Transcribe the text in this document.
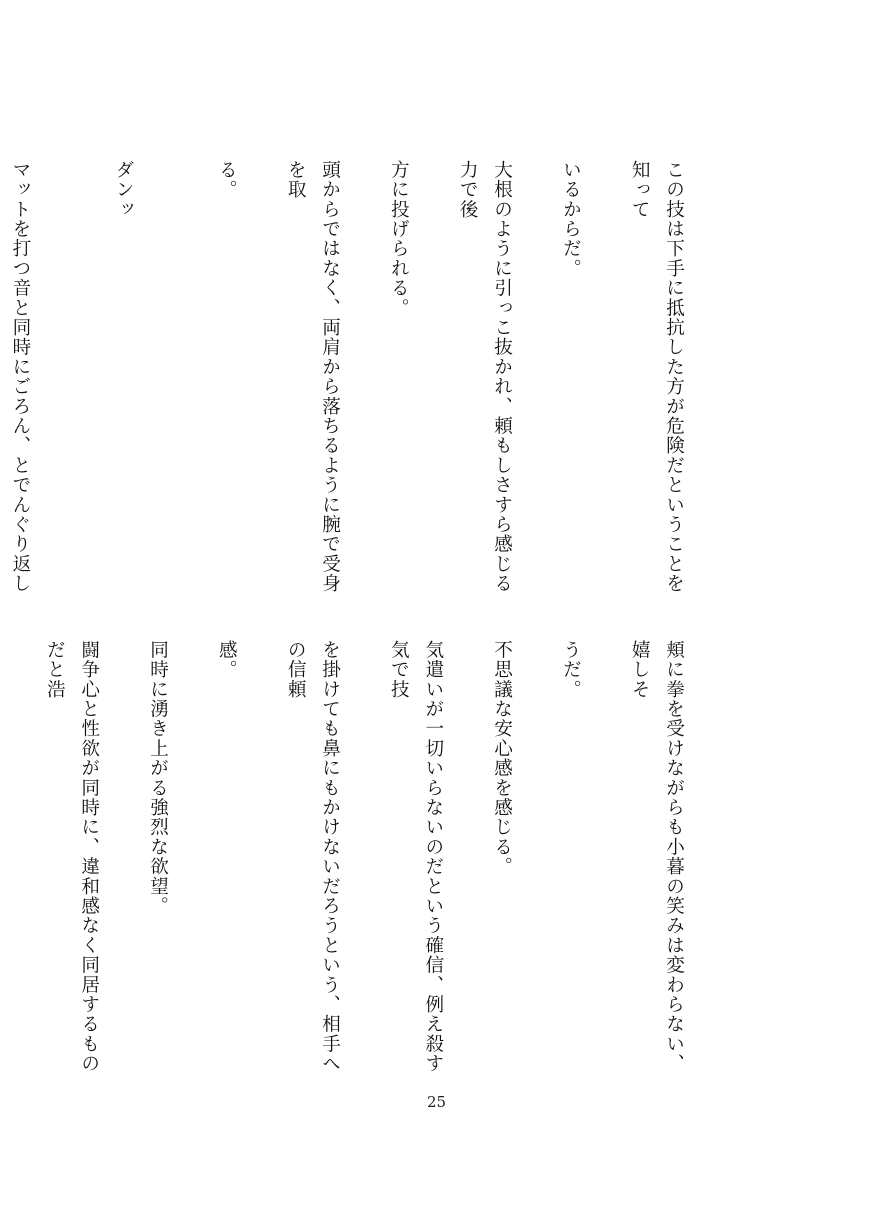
この技は下手に抵抗した方が危険だということを知って

いるからだ。

大根のように引っこ抜かれ、頼もしさすら感じる力で後

方に投げられる。

頭からではなく、両肩から落ちるように腕で受身を取

る。

ダンッ

マットを打つ音と同時にごろん、とでんぐり返し

頬に拳を受けながらも小暮の笑みは変わらない、嬉しそ

うだ。

不思議な安心感を感じる。

気遣いが一切いらないのだという確信、例え殺す気で技

を掛けても鼻にもかけないだろうという、相手への信頼

感。

同時に湧き上がる強烈な欲望。

闘争心と性欲が同時に、違和感なく同居するものだと浩

25
